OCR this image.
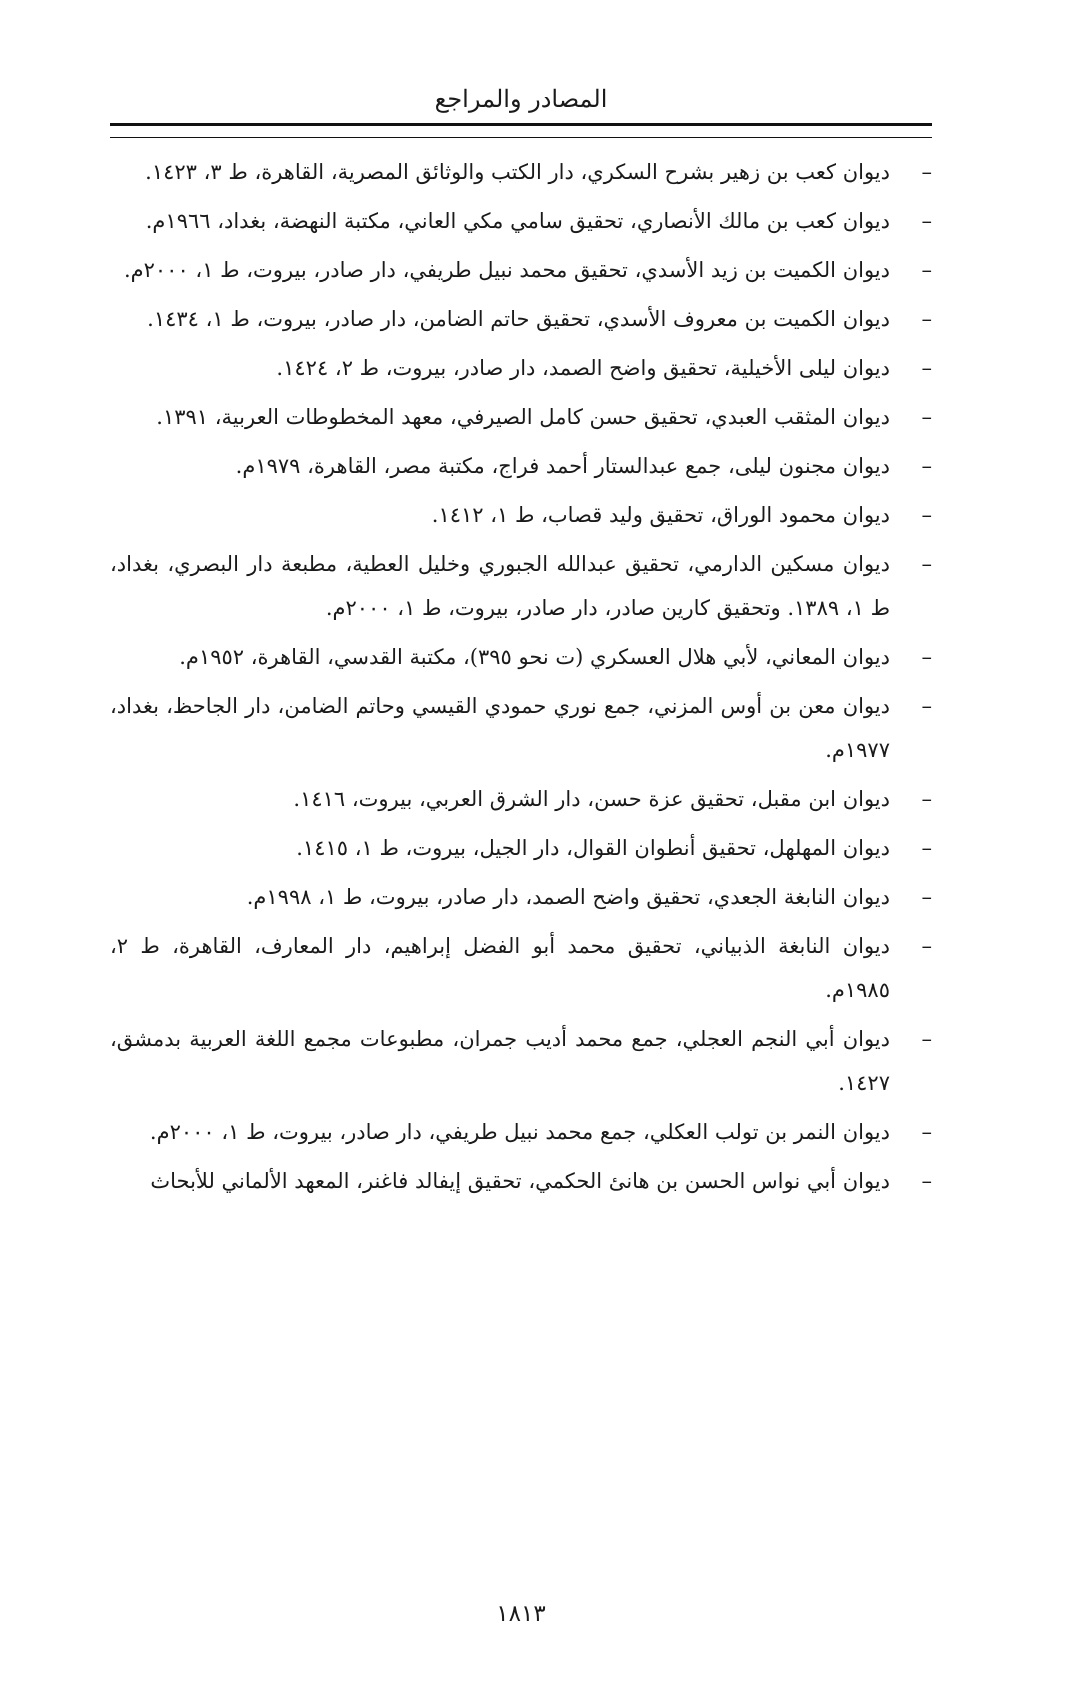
المصادر والمراجع
–
ديوان كعب بن زهير بشرح السكري، دار الكتب والوثائق المصرية، القاهرة، ط ٣، ١٤٢٣.
–
ديوان كعب بن مالك الأنصاري، تحقيق سامي مكي العاني، مكتبة النهضة، بغداد، ١٩٦٦م.
–
ديوان الكميت بن زيد الأسدي، تحقيق محمد نبيل طريفي، دار صادر، بيروت، ط ١، ٢٠٠٠م.
–
ديوان الكميت بن معروف الأسدي، تحقيق حاتم الضامن، دار صادر، بيروت، ط ١، ١٤٣٤.
–
ديوان ليلى الأخيلية، تحقيق واضح الصمد، دار صادر، بيروت، ط ٢، ١٤٢٤.
–
ديوان المثقب العبدي، تحقيق حسن كامل الصيرفي، معهد المخطوطات العربية، ١٣٩١.
–
ديوان مجنون ليلى، جمع عبدالستار أحمد فراج، مكتبة مصر، القاهرة، ١٩٧٩م.
–
ديوان محمود الوراق، تحقيق وليد قصاب، ط ١، ١٤١٢.
–
ديوان مسكين الدارمي، تحقيق عبدالله الجبوري وخليل العطية، مطبعة دار البصري، بغداد، ط ١، ١٣٨٩. وتحقيق كارين صادر، دار صادر، بيروت، ط ١، ٢٠٠٠م.
–
ديوان المعاني، لأبي هلال العسكري (ت نحو ٣٩٥)، مكتبة القدسي، القاهرة، ١٩٥٢م.
–
ديوان معن بن أوس المزني، جمع نوري حمودي القيسي وحاتم الضامن، دار الجاحظ، بغداد، ١٩٧٧م.
–
ديوان ابن مقبل، تحقيق عزة حسن، دار الشرق العربي، بيروت، ١٤١٦.
–
ديوان المهلهل، تحقيق أنطوان القوال، دار الجيل، بيروت، ط ١، ١٤١٥.
–
ديوان النابغة الجعدي، تحقيق واضح الصمد، دار صادر، بيروت، ط ١، ١٩٩٨م.
–
ديوان النابغة الذبياني، تحقيق محمد أبو الفضل إبراهيم، دار المعارف، القاهرة، ط ٢، ١٩٨٥م.
–
ديوان أبي النجم العجلي، جمع محمد أديب جمران، مطبوعات مجمع اللغة العربية بدمشق، ١٤٢٧.
–
ديوان النمر بن تولب العكلي، جمع محمد نبيل طريفي، دار صادر، بيروت، ط ١، ٢٠٠٠م.
–
ديوان أبي نواس الحسن بن هانئ الحكمي، تحقيق إيفالد فاغنر، المعهد الألماني للأبحاث
١٨١٣
